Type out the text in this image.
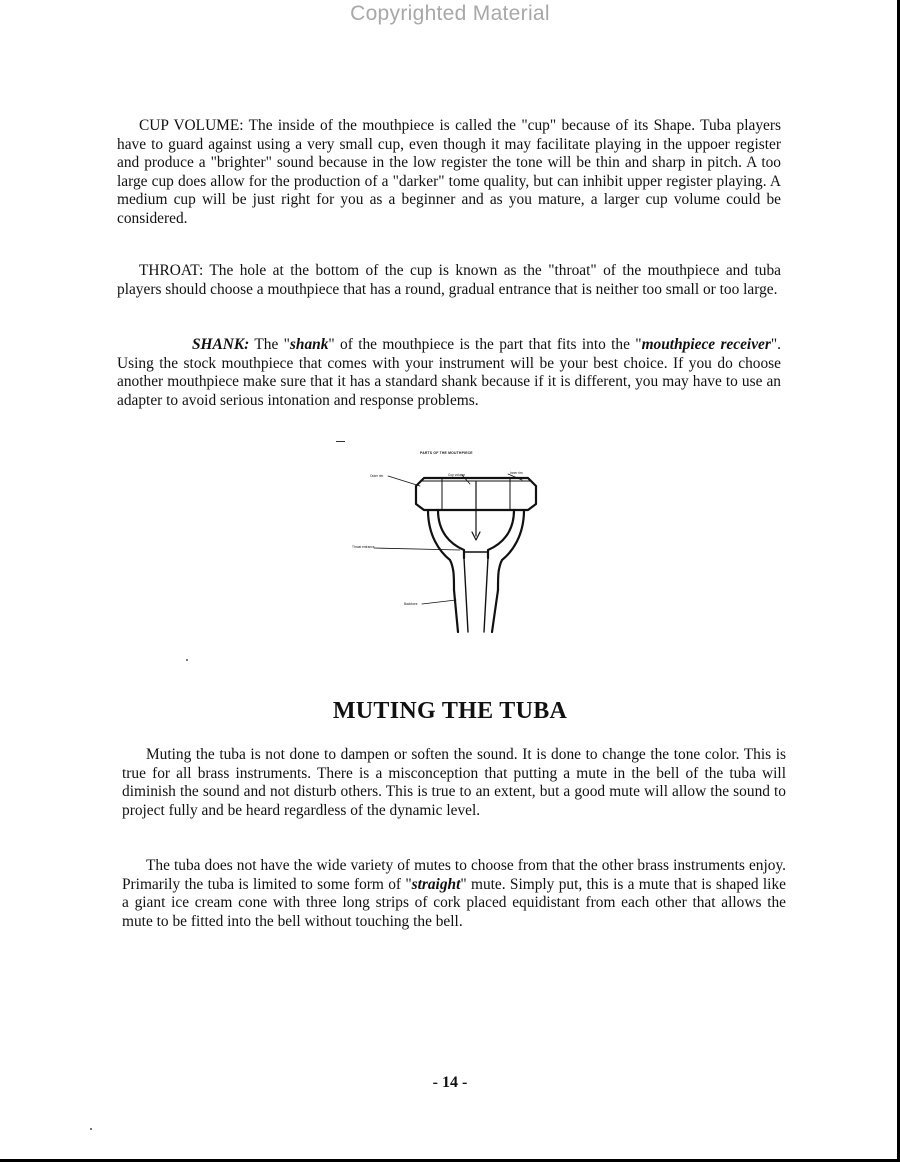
Copyrighted Material

CUP VOLUME: The inside of the mouthpiece is called the "cup" because of its Shape. Tuba players have to guard against using a very small cup, even though it may facilitate playing in the uppoer register and produce a "brighter" sound because in the low register the tone will be thin and sharp in pitch. A too large cup does allow for the production of a "darker" tome quality, but can inhibit upper register playing. A medium cup will be just right for you as a beginner and as you mature, a larger cup volume could be considered.

THROAT: The hole at the bottom of the cup is known as the "throat" of the mouthpiece and tuba players should choose a mouthpiece that has a round, gradual entrance that is neither too small or too large.

SHANK: The "shank" of the mouthpiece is the part that fits into the "mouthpiece receiver". Using the stock mouthpiece that comes with your instrument will be your best choice. If you do choose another mouthpiece make sure that it has a standard shank because if it is different, you may have to use an adapter to avoid serious intonation and response problems.

PARTS OF THE MOUTHPIECE
Outer rim	Cup volume	Inner rim
Throat entrance
Backbore
MUTING THE TUBA

Muting the tuba is not done to dampen or soften the sound. It is done to change the tone color. This is true for all brass instruments. There is a misconception that putting a mute in the bell of the tuba will diminish the sound and not disturb others. This is true to an extent, but a good mute will allow the sound to project fully and be heard regardless of the dynamic level.

The tuba does not have the wide variety of mutes to choose from that the other brass instruments enjoy. Primarily the tuba is limited to some form of "straight" mute. Simply put, this is a mute that is shaped like a giant ice cream cone with three long strips of cork placed equidistant from each other that allows the mute to be fitted into the bell without touching the bell.

- 14 -
